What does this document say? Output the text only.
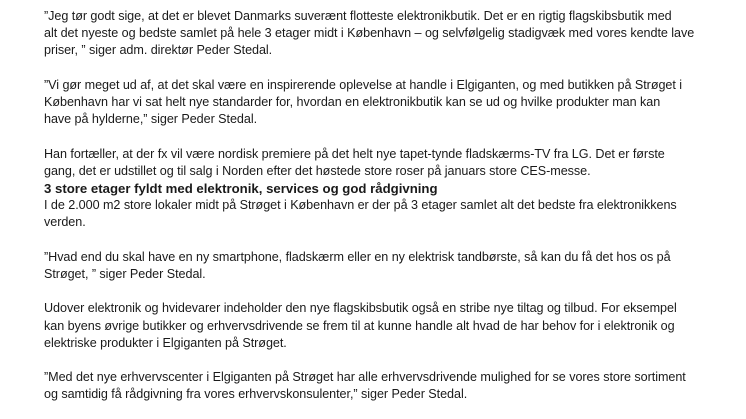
”Jeg tør godt sige, at det er blevet Danmarks suverænt flotteste elektronikbutik. Det er en rigtig flagskibsbutik med
alt det nyeste og bedste samlet på hele 3 etager midt i København – og selvfølgelig stadigvæk med vores kendte lave
priser, ” siger adm. direktør Peder Stedal.

”Vi gør meget ud af, at det skal være en inspirerende oplevelse at handle i Elgiganten, og med butikken på Strøget i
København har vi sat helt nye standarder for, hvordan en elektronikbutik kan se ud og hvilke produkter man kan
have på hylderne,” siger Peder Stedal.

Han fortæller, at der fx vil være nordisk premiere på det helt nye tapet-tynde fladskærms-TV fra LG. Det er første
gang, det er udstillet og til salg i Norden efter det høstede store roser på januars store CES-messe.

3 store etager fyldt med elektronik, services og god rådgivning

I de 2.000 m2 store lokaler midt på Strøget i København er der på 3 etager samlet alt det bedste fra elektronikkens
verden.

”Hvad end du skal have en ny smartphone, fladskærm eller en ny elektrisk tandbørste, så kan du få det hos os på
Strøget, ” siger Peder Stedal.

Udover elektronik og hvidevarer indeholder den nye flagskibsbutik også en stribe nye tiltag og tilbud. For eksempel
kan byens øvrige butikker og erhvervsdrivende se frem til at kunne handle alt hvad de har behov for i elektronik og
elektriske produkter i Elgiganten på Strøget.

”Med det nye erhvervscenter i Elgiganten på Strøget har alle erhvervsdrivende mulighed for se vores store sortiment
og samtidig få rådgivning fra vores erhvervskonsulenter,” siger Peder Stedal.
